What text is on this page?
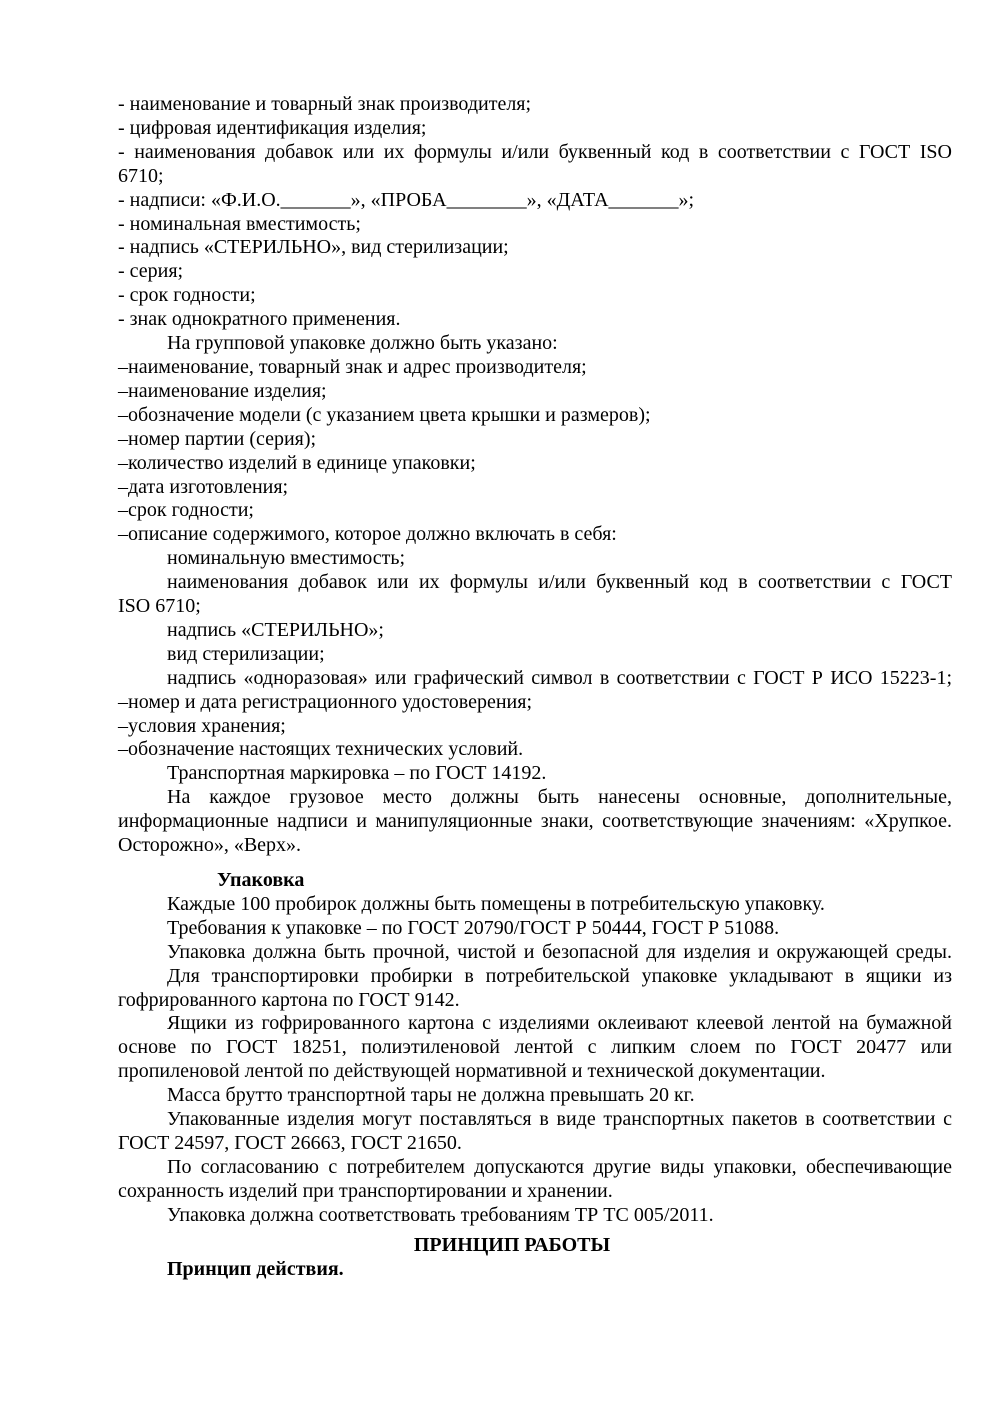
- наименование и товарный знак производителя;
- цифровая идентификация изделия;
- наименования добавок или их формулы и/или буквенный код в соответствии с ГОСТ ISO
6710;
- надписи: «Ф.И.О._______», «ПРОБА________», «ДАТА_______»;
- номинальная вместимость;
- надпись «СТЕРИЛЬНО», вид стерилизации;
- серия;
- срок годности;
- знак однократного применения.
На групповой упаковке должно быть указано:
–наименование, товарный знак и адрес производителя;
–наименование изделия;
–обозначение модели (с указанием цвета крышки и размеров);
–номер партии (серия);
–количество изделий в единице упаковки;
–дата изготовления;
–срок годности;
–описание содержимого, которое должно включать в себя:
номинальную вместимость;
наименования добавок или их формулы и/или буквенный код в соответствии с ГОСТ
ISO 6710;
надпись «СТЕРИЛЬНО»;
вид стерилизации;
надпись «одноразовая» или графический символ в соответствии с ГОСТ Р ИСО 15223-1;
–номер и дата регистрационного удостоверения;
–условия хранения;
–обозначение настоящих технических условий.
Транспортная маркировка – по ГОСТ 14192.
На каждое грузовое место должны быть нанесены основные, дополнительные,
информационные надписи и манипуляционные знаки, соответствующие значениям: «Хрупкое.
Осторожно», «Верх».
Упаковка
Каждые 100 пробирок должны быть помещены в потребительскую упаковку.
Требования к упаковке – по ГОСТ 20790/ГОСТ Р 50444, ГОСТ Р 51088.
Упаковка должна быть прочной, чистой и безопасной для изделия и окружающей среды.
Для транспортировки пробирки в потребительской упаковке укладывают в ящики из
гофрированного картона по ГОСТ 9142.
Ящики из гофрированного картона с изделиями оклеивают клеевой лентой на бумажной
основе по ГОСТ 18251, полиэтиленовой лентой с липким слоем по ГОСТ 20477 или
пропиленовой лентой по действующей нормативной и технической документации.
Масса брутто транспортной тары не должна превышать 20 кг.
Упакованные изделия могут поставляться в виде транспортных пакетов в соответствии с
ГОСТ 24597, ГОСТ 26663, ГОСТ 21650.
По согласованию с потребителем допускаются другие виды упаковки, обеспечивающие
сохранность изделий при транспортировании и хранении.
Упаковка должна соответствовать требованиям ТР ТС 005/2011.
ПРИНЦИП РАБОТЫ
Принцип действия.
